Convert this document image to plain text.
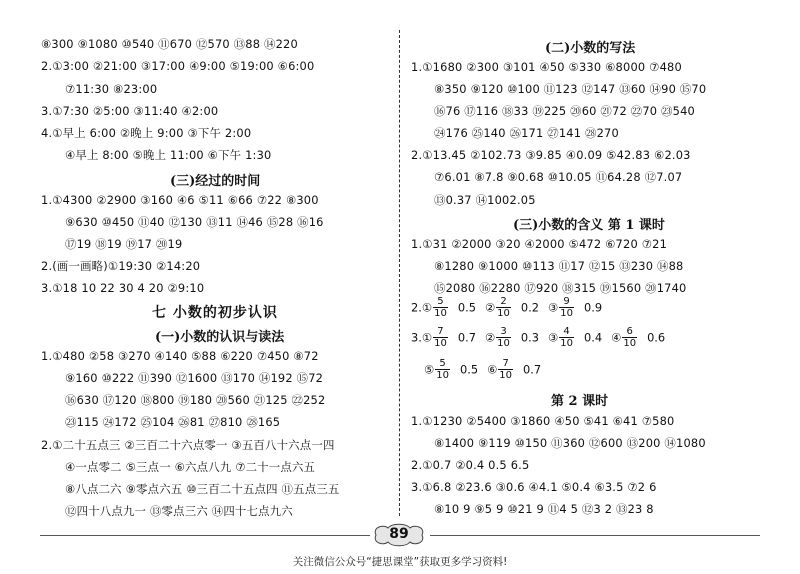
⑧300 ⑨1080 ⑩540 ⑪670 ⑫570 ⑬88 ⑭220
2.①3:00 ②21:00 ③17:00 ④9:00 ⑤19:00 ⑥6:00
⑦11:30 ⑧23:00
3.①7:30 ②5:00 ③11:40 ④2:00
4.①早上 6:00 ②晚上 9:00 ③下午 2:00
④早上 8:00 ⑤晚上 11:00 ⑥下午 1:30
(三)经过的时间
1.①4300 ②2900 ③160 ④6 ⑤11 ⑥66 ⑦22 ⑧300
⑨630 ⑩450 ⑪40 ⑫130 ⑬11 ⑭46 ⑮28 ⑯16
⑰19 ⑱19 ⑲17 ⑳19
2.(画一画略)①19:30 ②14:20
3.①18 10 22 30 4 20 ②9:10
七 小数的初步认识
(一)小数的认识与读法
1.①480 ②58 ③270 ④140 ⑤88 ⑥220 ⑦450 ⑧72
⑨160 ⑩222 ⑪390 ⑫1600 ⑬170 ⑭192 ⑮72
⑯630 ⑰120 ⑱800 ⑲180 ⑳560 ㉑125 ㉒252
㉓115 ㉔172 ㉕104 ㉖81 ㉗810 ㉘165
2.①二十五点三 ②三百二十六点零一 ③五百八十六点一四
④一点零二 ⑤三点一 ⑥六点八九 ⑦二十一点六五
⑧八点二六 ⑨零点六五 ⑩三百二十五点四 ⑪五点三五
⑫四十八点九一 ⑬零点三六 ⑭四十七点九六
(二)小数的写法
1.①1680 ②300 ③101 ④50 ⑤330 ⑥8000 ⑦480
⑧350 ⑨120 ⑩100 ⑪123 ⑫147 ⑬60 ⑭90 ⑮70
⑯76 ⑰116 ⑱33 ⑲225 ⑳60 ㉑72 ㉒70 ㉓540
㉔176 ㉕140 ㉖171 ㉗141 ㉘270
2.①13.45 ②102.73 ③9.85 ④0.09 ⑤42.83 ⑥2.03
⑦6.01 ⑧7.8 ⑨0.68 ⑩10.05 ⑪64.28 ⑫7.07
⑬0.37 ⑭1002.05
(三)小数的含义 第 1 课时
1.①31 ②2000 ③20 ④2000 ⑤472 ⑥720 ⑦21
⑧1280 ⑨1000 ⑩113 ⑪17 ⑫15 ⑬230 ⑭88
⑮2080 ⑯2280 ⑰920 ⑱315 ⑲1560 ⑳1740
2.① $\frac{5}{10} 0.5$ ② $\frac{2}{10} 0.2$ ③ $\frac{9}{10} 0.9$
3.① $\frac{7}{10} 0.7$ ② $\frac{3}{10} 0.3$ ③ $\frac{4}{10} 0.4$ ④ $\frac{6}{10} 0.6$
⑤ $\frac{5}{10} 0.5$ ⑥ $\frac{7}{10} 0.7$
第 2 课时
1.①1230 ②5400 ③1860 ④50 ⑤41 ⑥41 ⑦580
⑧1400 ⑨119 ⑩150 ⑪360 ⑫600 ⑬200 ⑭1080
2.①0.7 ②0.4 0.5 6.5
3.①6.8 ②23.6 ③0.6 ④4.1 ⑤0.4 ⑥3.5 ⑦2 6
⑧10 9 ⑨5 9 ⑩21 9 ⑪4 5 ⑫3 2 ⑬23 8
89
关注微信公众号“捷思课堂”获取更多学习资料!
